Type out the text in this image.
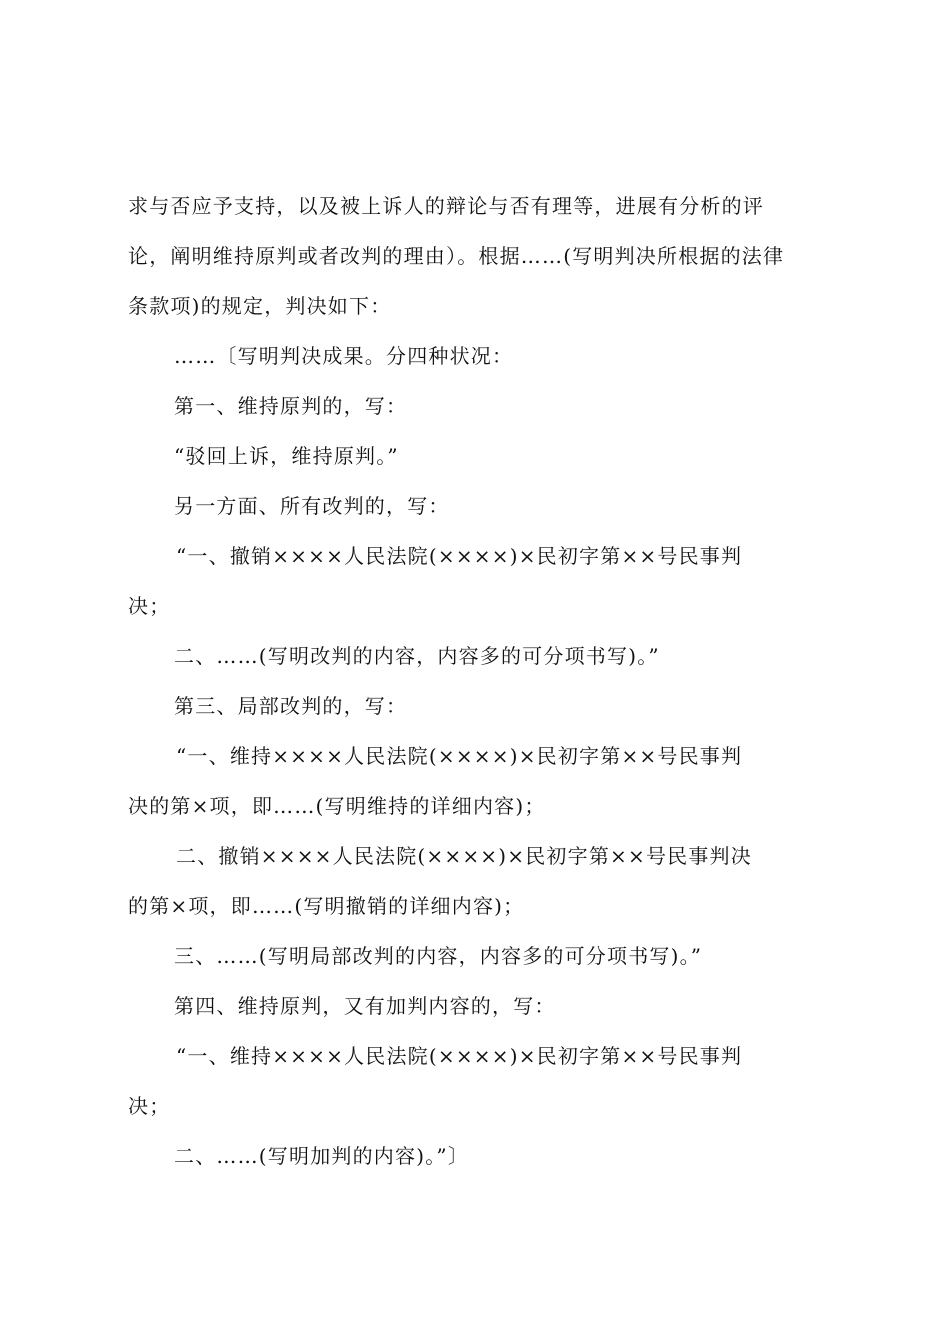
求与否应予支持，以及被上诉人的辩论与否有理等，进展有分析的评
论，阐明维持原判或者改判的理由）。根据……(写明判决所根据的法律
条款项)的规定，判决如下：
……〔写明判决成果。分四种状况：
第一、维持原判的，写：
“驳回上诉，维持原判。”
另一方面、所有改判的，写：
“一、撤销××××人民法院(××××)×民初字第××号民事判
决；
二、……(写明改判的内容，内容多的可分项书写)。”
第三、局部改判的，写：
“一、维持××××人民法院(××××)×民初字第××号民事判
决的第×项，即……(写明维持的详细内容)；
二、撤销××××人民法院(××××)×民初字第××号民事判决
的第×项，即……(写明撤销的详细内容)；
三、……(写明局部改判的内容，内容多的可分项书写)。”
第四、维持原判，又有加判内容的，写：
“一、维持××××人民法院(××××)×民初字第××号民事判
决；
二、……(写明加判的内容)。”〕
